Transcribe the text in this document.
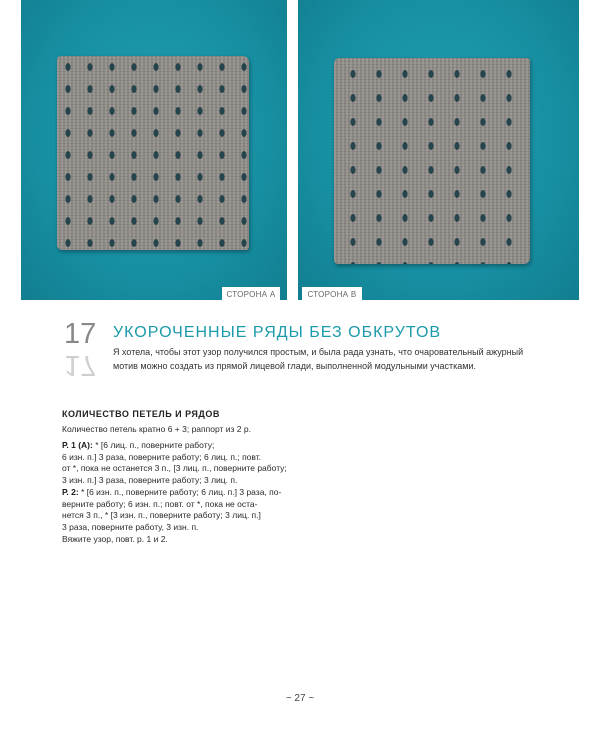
СТОРОНА А	СТОРОНА В
17
17
УКОРОЧЕННЫЕ РЯДЫ БЕЗ ОБКРУТОВ
Я хотела, чтобы этот узор получился простым, и была рада узнать, что очаровательный ажурный
мотив можно создать из прямой лицевой глади, выполненной модульными участками.
КОЛИЧЕСТВО ПЕТЕЛЬ И РЯДОВ
Количество петель кратно 6 + 3; раппорт из 2 р.
Р. 1 (А): * [6 лиц. п., поверните работу;
6 изн. п.] 3 раза, поверните работу; 6 лиц. п.; повт.
от *, пока не останется 3 п., [3 лиц. п., поверните работу;
3 изн. п.] 3 раза, поверните работу; 3 лиц. п.
Р. 2: * [6 изн. п., поверните работу; 6 лиц. п.] 3 раза, по-
верните работу; 6 изн. п.; повт. от *, пока не оста-
нется 3 п., * [3 изн. п., поверните работу; 3 лиц. п.]
3 раза, поверните работу, 3 изн. п.
Вяжите узор, повт. р. 1 и 2.
~ 27 ~
